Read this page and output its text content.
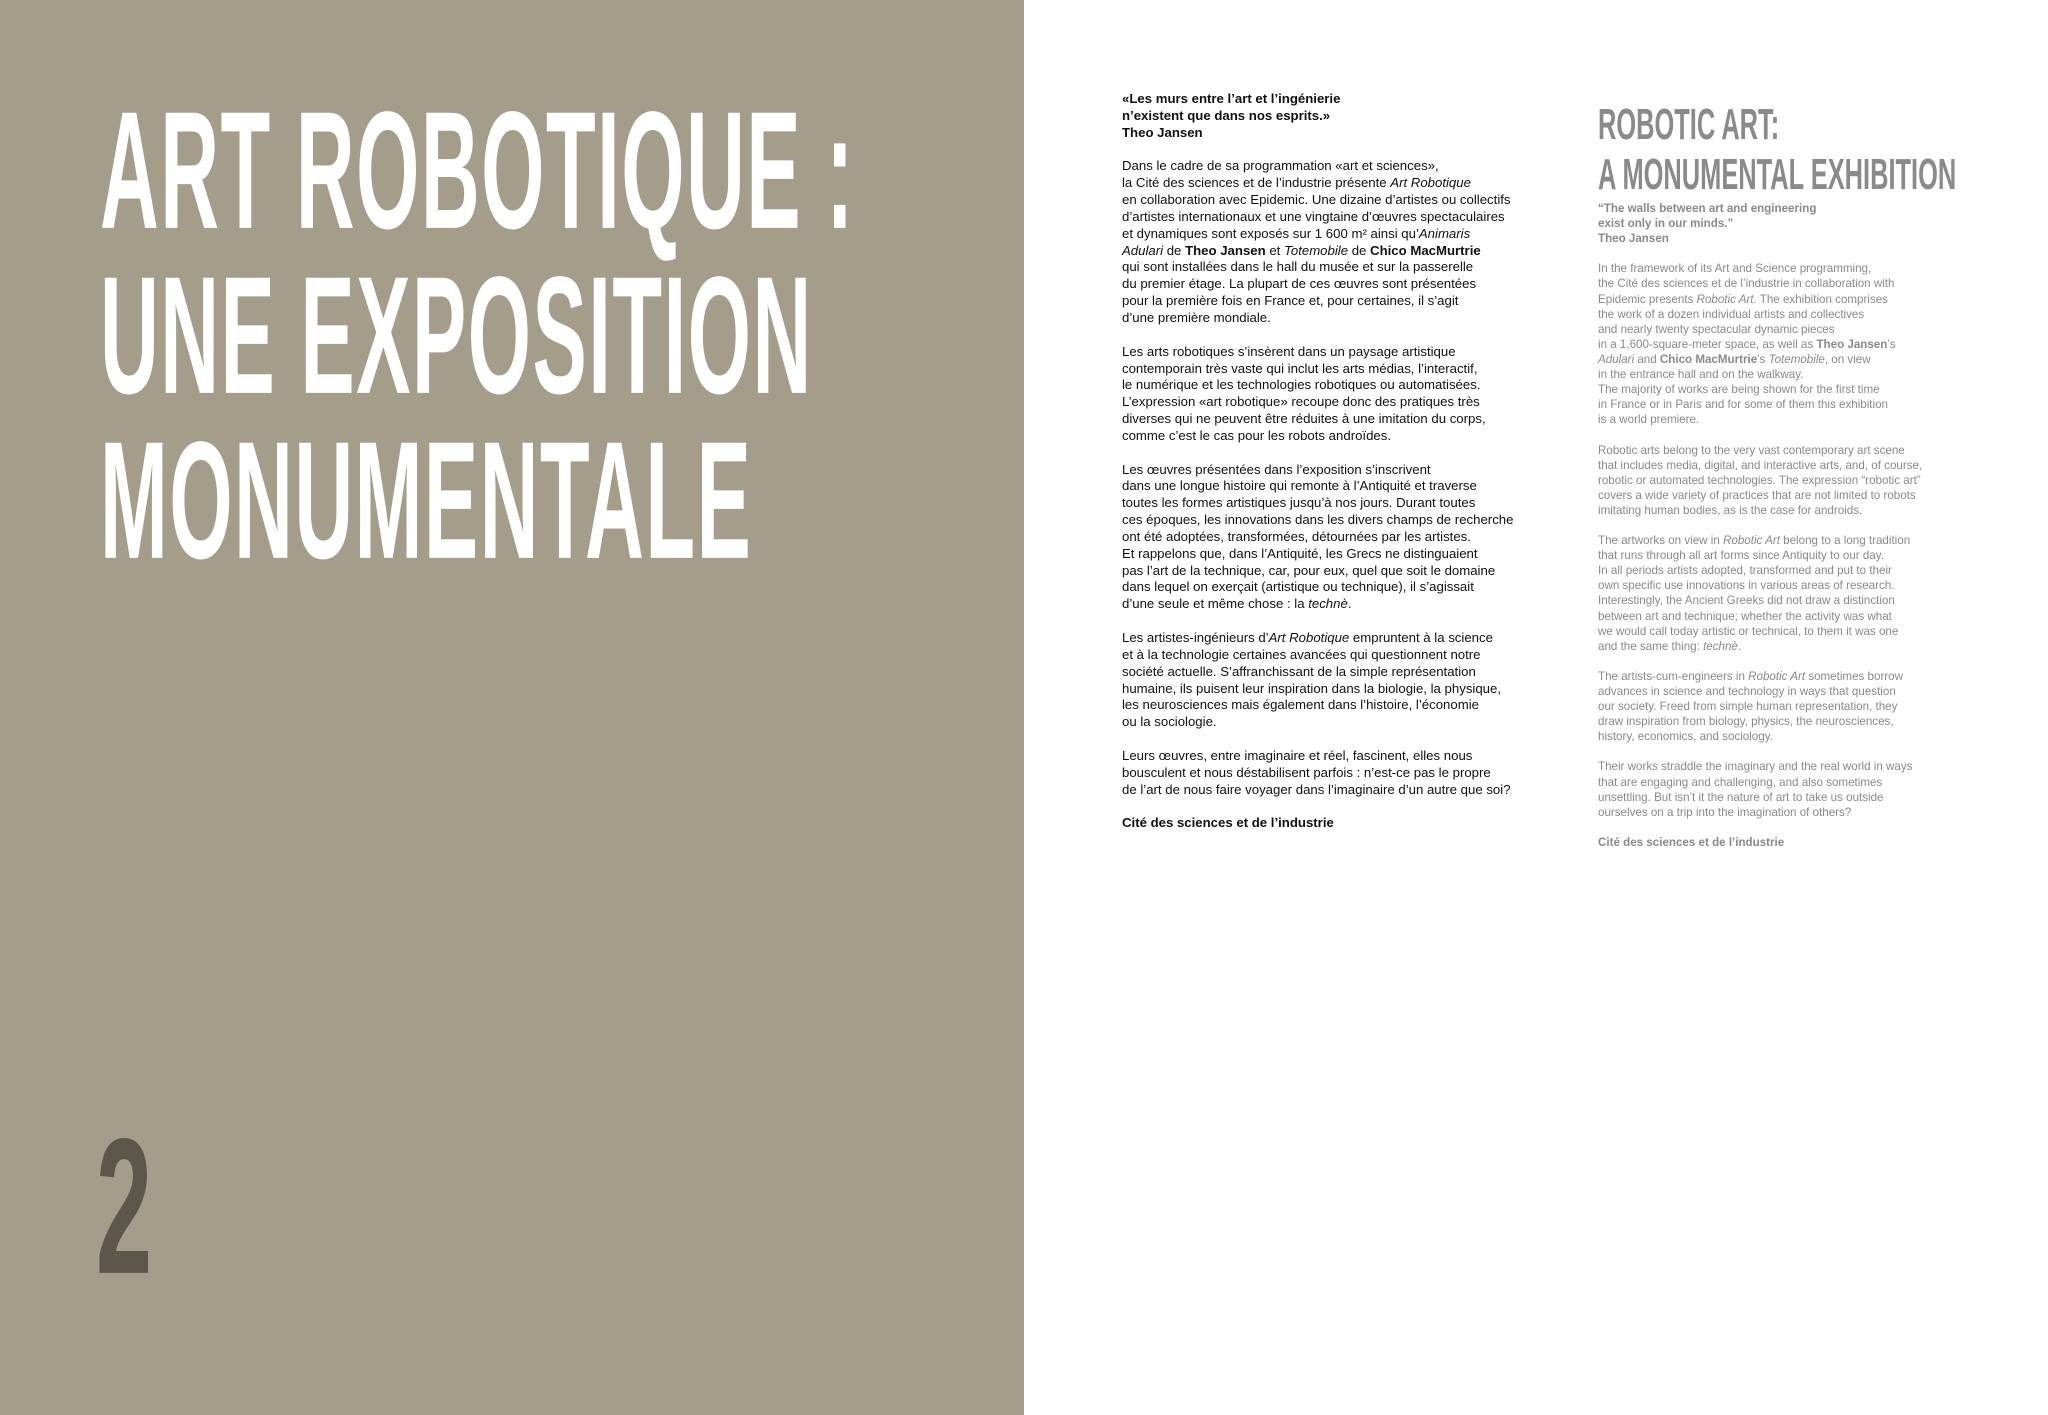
ART ROBOTIQUE :
UNE EXPOSITION
MONUMENTALE
2

«Les murs entre l’art et l’ingénierie
n’existent que dans nos esprits.»
Theo Jansen

Dans le cadre de sa programmation «art et sciences»,
la Cité des sciences et de l’industrie présente Art Robotique
en collaboration avec Epidemic. Une dizaine d’artistes ou collectifs
d’artistes internationaux et une vingtaine d’œuvres spectaculaires
et dynamiques sont exposés sur 1 600 m² ainsi qu’Animaris
Adulari de Theo Jansen et Totemobile de Chico MacMurtrie
qui sont installées dans le hall du musée et sur la passerelle
du premier étage. La plupart de ces œuvres sont présentées
pour la première fois en France et, pour certaines, il s’agit
d’une première mondiale.

Les arts robotiques s’insèrent dans un paysage artistique
contemporain très vaste qui inclut les arts médias, l’interactif,
le numérique et les technologies robotiques ou automatisées.
L’expression «art robotique» recoupe donc des pratiques très
diverses qui ne peuvent être réduites à une imitation du corps,
comme c’est le cas pour les robots androïdes.

Les œuvres présentées dans l’exposition s’inscrivent
dans une longue histoire qui remonte à l’Antiquité et traverse
toutes les formes artistiques jusqu’à nos jours. Durant toutes
ces époques, les innovations dans les divers champs de recherche
ont été adoptées, transformées, détournées par les artistes.
Et rappelons que, dans l’Antiquité, les Grecs ne distinguaient
pas l’art de la technique, car, pour eux, quel que soit le domaine
dans lequel on exerçait (artistique ou technique), il s’agissait
d’une seule et même chose : la technè.

Les artistes-ingénieurs d’Art Robotique empruntent à la science
et à la technologie certaines avancées qui questionnent notre
société actuelle. S’affranchissant de la simple représentation
humaine, ils puisent leur inspiration dans la biologie, la physique,
les neurosciences mais également dans l’histoire, l’économie
ou la sociologie.

Leurs œuvres, entre imaginaire et réel, fascinent, elles nous
bousculent et nous déstabilisent parfois : n’est-ce pas le propre
de l’art de nous faire voyager dans l’imaginaire d’un autre que soi?

Cité des sciences et de l’industrie

ROBOTIC ART:
A MONUMENTAL EXHIBITION

“The walls between art and engineering
exist only in our minds.”
Theo Jansen

In the framework of its Art and Science programming,
the Cité des sciences et de l’industrie in collaboration with
Epidemic presents Robotic Art. The exhibition comprises
the work of a dozen individual artists and collectives
and nearly twenty spectacular dynamic pieces
in a 1,600-square-meter space, as well as Theo Jansen’s
Adulari and Chico MacMurtrie’s Totemobile, on view
in the entrance hall and on the walkway.
The majority of works are being shown for the first time
in France or in Paris and for some of them this exhibition
is a world premiere.

Robotic arts belong to the very vast contemporary art scene
that includes media, digital, and interactive arts, and, of course,
robotic or automated technologies. The expression “robotic art”
covers a wide variety of practices that are not limited to robots
imitating human bodies, as is the case for androids.

The artworks on view in Robotic Art belong to a long tradition
that runs through all art forms since Antiquity to our day.
In all periods artists adopted, transformed and put to their
own specific use innovations in various areas of research.
Interestingly, the Ancient Greeks did not draw a distinction
between art and technique; whether the activity was what
we would call today artistic or technical, to them it was one
and the same thing: technè.

The artists-cum-engineers in Robotic Art sometimes borrow
advances in science and technology in ways that question
our society. Freed from simple human representation, they
draw inspiration from biology, physics, the neurosciences,
history, economics, and sociology.

Their works straddle the imaginary and the real world in ways
that are engaging and challenging, and also sometimes
unsettling. But isn’t it the nature of art to take us outside
ourselves on a trip into the imagination of others?

Cité des sciences et de l’industrie
